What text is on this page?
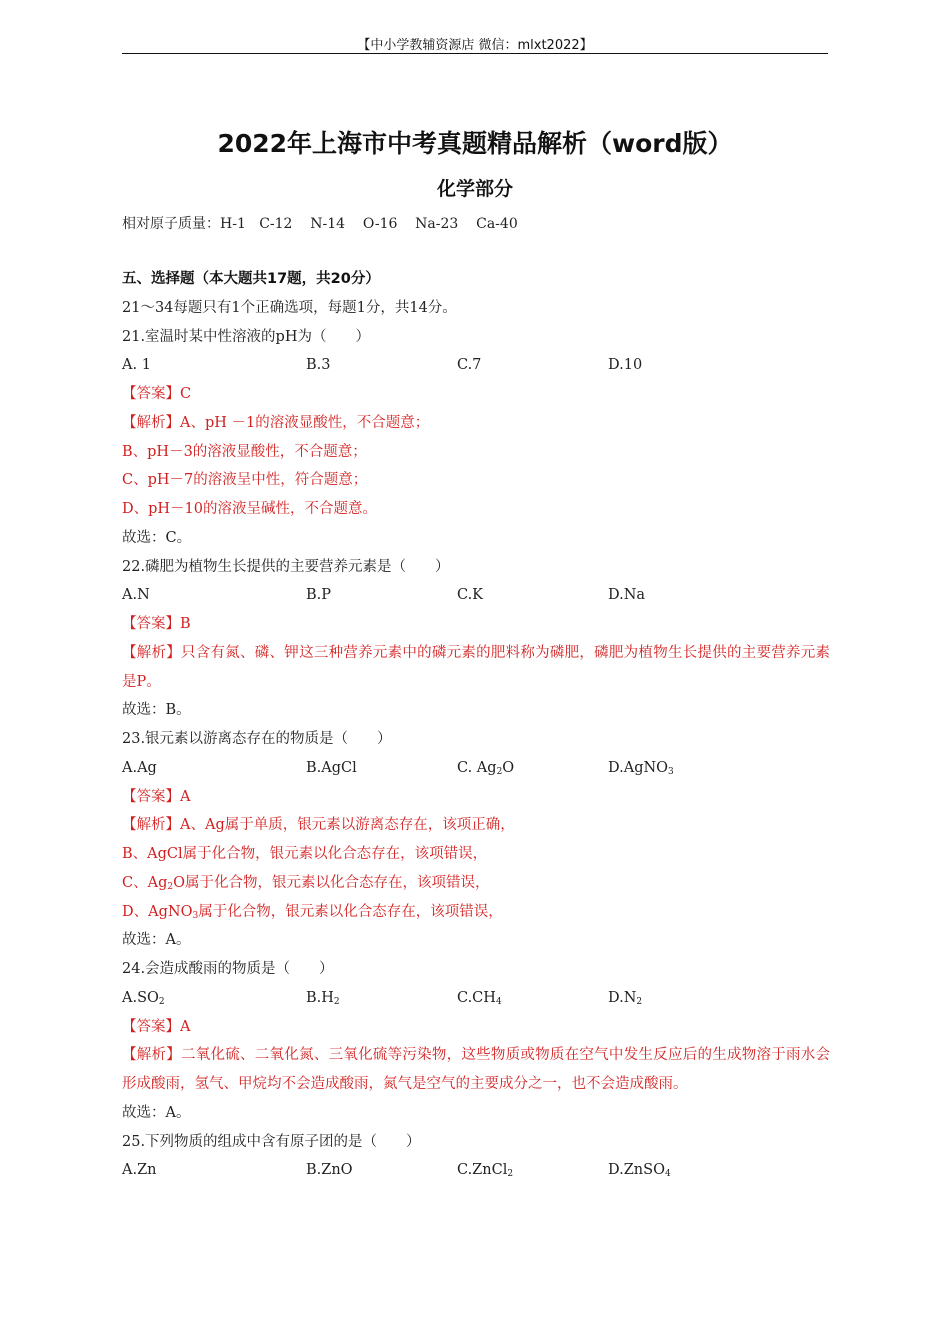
【中小学教辅资源店 微信：mlxt2022】
2022年上海市中考真题精品解析（word版）
化学部分
相对原子质量：H-1   C-12    N-14    O-16    Na-23    Ca-40
五、选择题（本大题共17题，共20分）
21～34每题只有1个正确选项，每题1分，共14分。
21.室温时某中性溶液的pH为（　　）
A. 1	B.3	C.7	D.10
【答案】C
【解析】A、pH －1的溶液显酸性，不合题意；
B、pH－3的溶液显酸性，不合题意；
C、pH－7的溶液呈中性，符合题意；
D、pH－10的溶液呈碱性，不合题意。
故选：C。
22.磷肥为植物生长提供的主要营养元素是（　　）
A.N	B.P	C.K	D.Na
【答案】B
【解析】只含有氮、磷、钾这三种营养元素中的磷元素的肥料称为磷肥，磷肥为植物生长提供的主要营养元素是P。
故选：B。
23.银元素以游离态存在的物质是（　　）
A.Ag	B.AgCl	C. $Ag_2O$	D.AgNO$_3$
【答案】A
【解析】A、Ag属于单质，银元素以游离态存在，该项正确，
B、AgCl属于化合物，银元素以化合态存在，该项错误，
C、$Ag_2O$属于化合物，银元素以化合态存在，该项错误，
D、AgNO$_3$属于化合物，银元素以化合态存在，该项错误，
故选：A。
24.会造成酸雨的物质是（　　）
$A.SO_2$	$B.H_2$	$C.CH_4$	$D.N_2$
【答案】A
【解析】二氧化硫、二氧化氮、三氧化硫等污染物，这些物质或物质在空气中发生反应后的生成物溶于雨水会形成酸雨，氢气、甲烷均不会造成酸雨，氮气是空气的主要成分之一，也不会造成酸雨。
故选：A。
25.下列物质的组成中含有原子团的是（　　）
A.Zn	B.ZnO	C.ZnCl$_2$	D.ZnSO$_4$
